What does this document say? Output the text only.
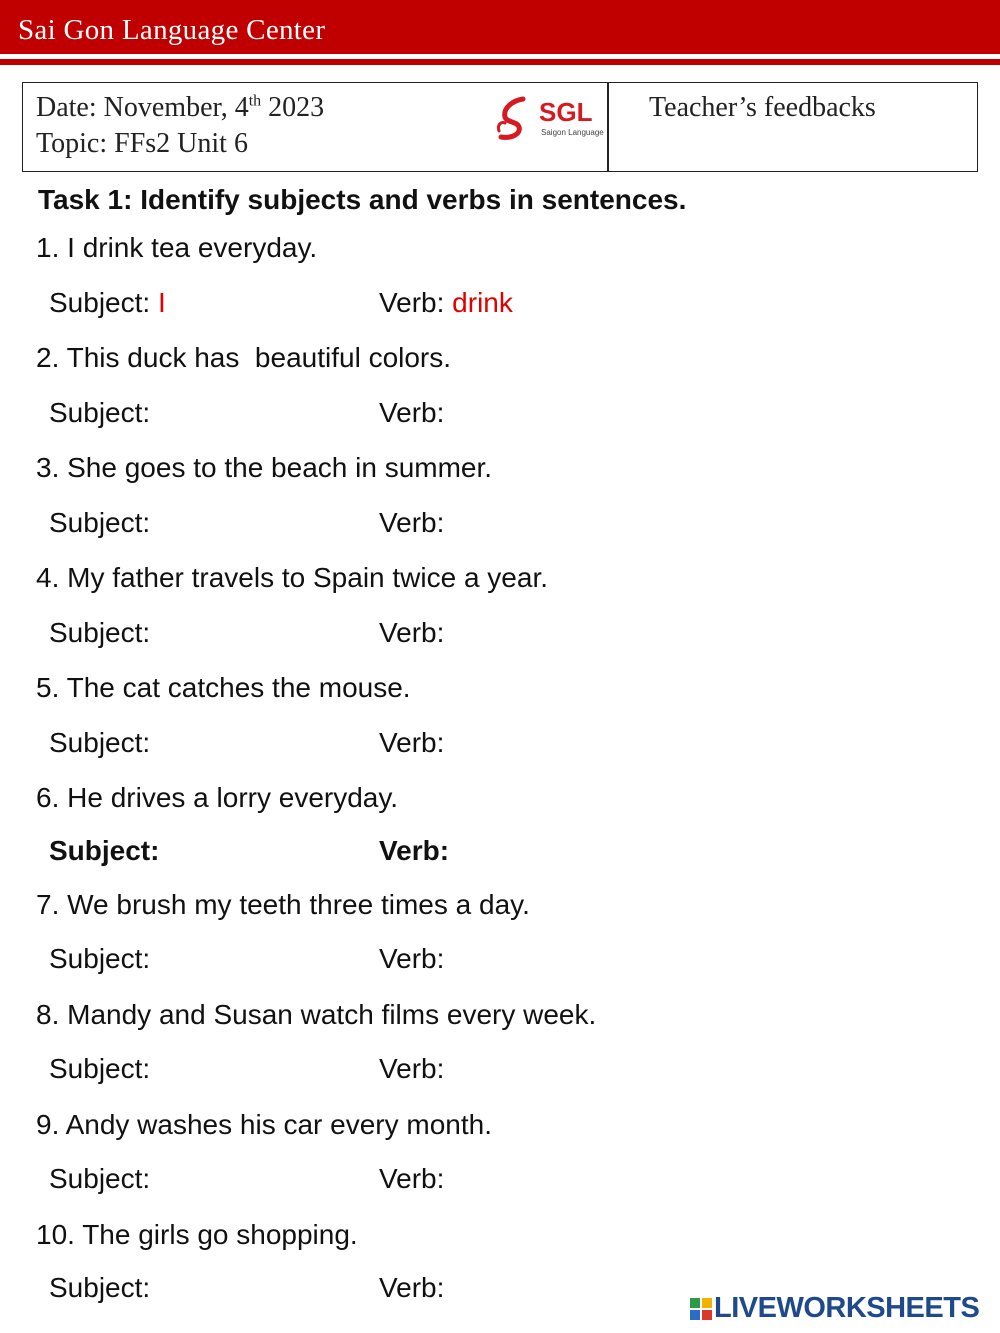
Sai Gon Language Center
Date: November, 4th 2023
Topic: FFs2 Unit 6
SGL
Saigon Language
Teacher’s feedbacks
Task 1: Identify subjects and verbs in sentences.
1. I drink tea everyday.
Subject: I	Verb: drink
2. This duck has  beautiful colors.
Subject:	Verb:
3. She goes to the beach in summer.
Subject:	Verb:
4. My father travels to Spain twice a year.
Subject:	Verb:
5. The cat catches the mouse.
Subject:	Verb:
6. He drives a lorry everyday.
Subject:	Verb:
7. We brush my teeth three times a day.
Subject:	Verb:
8. Mandy and Susan watch films every week.
Subject:	Verb:
9. Andy washes his car every month.
Subject:	Verb:
10. The girls go shopping.
Subject:	Verb:
LIVEWORKSHEETS
